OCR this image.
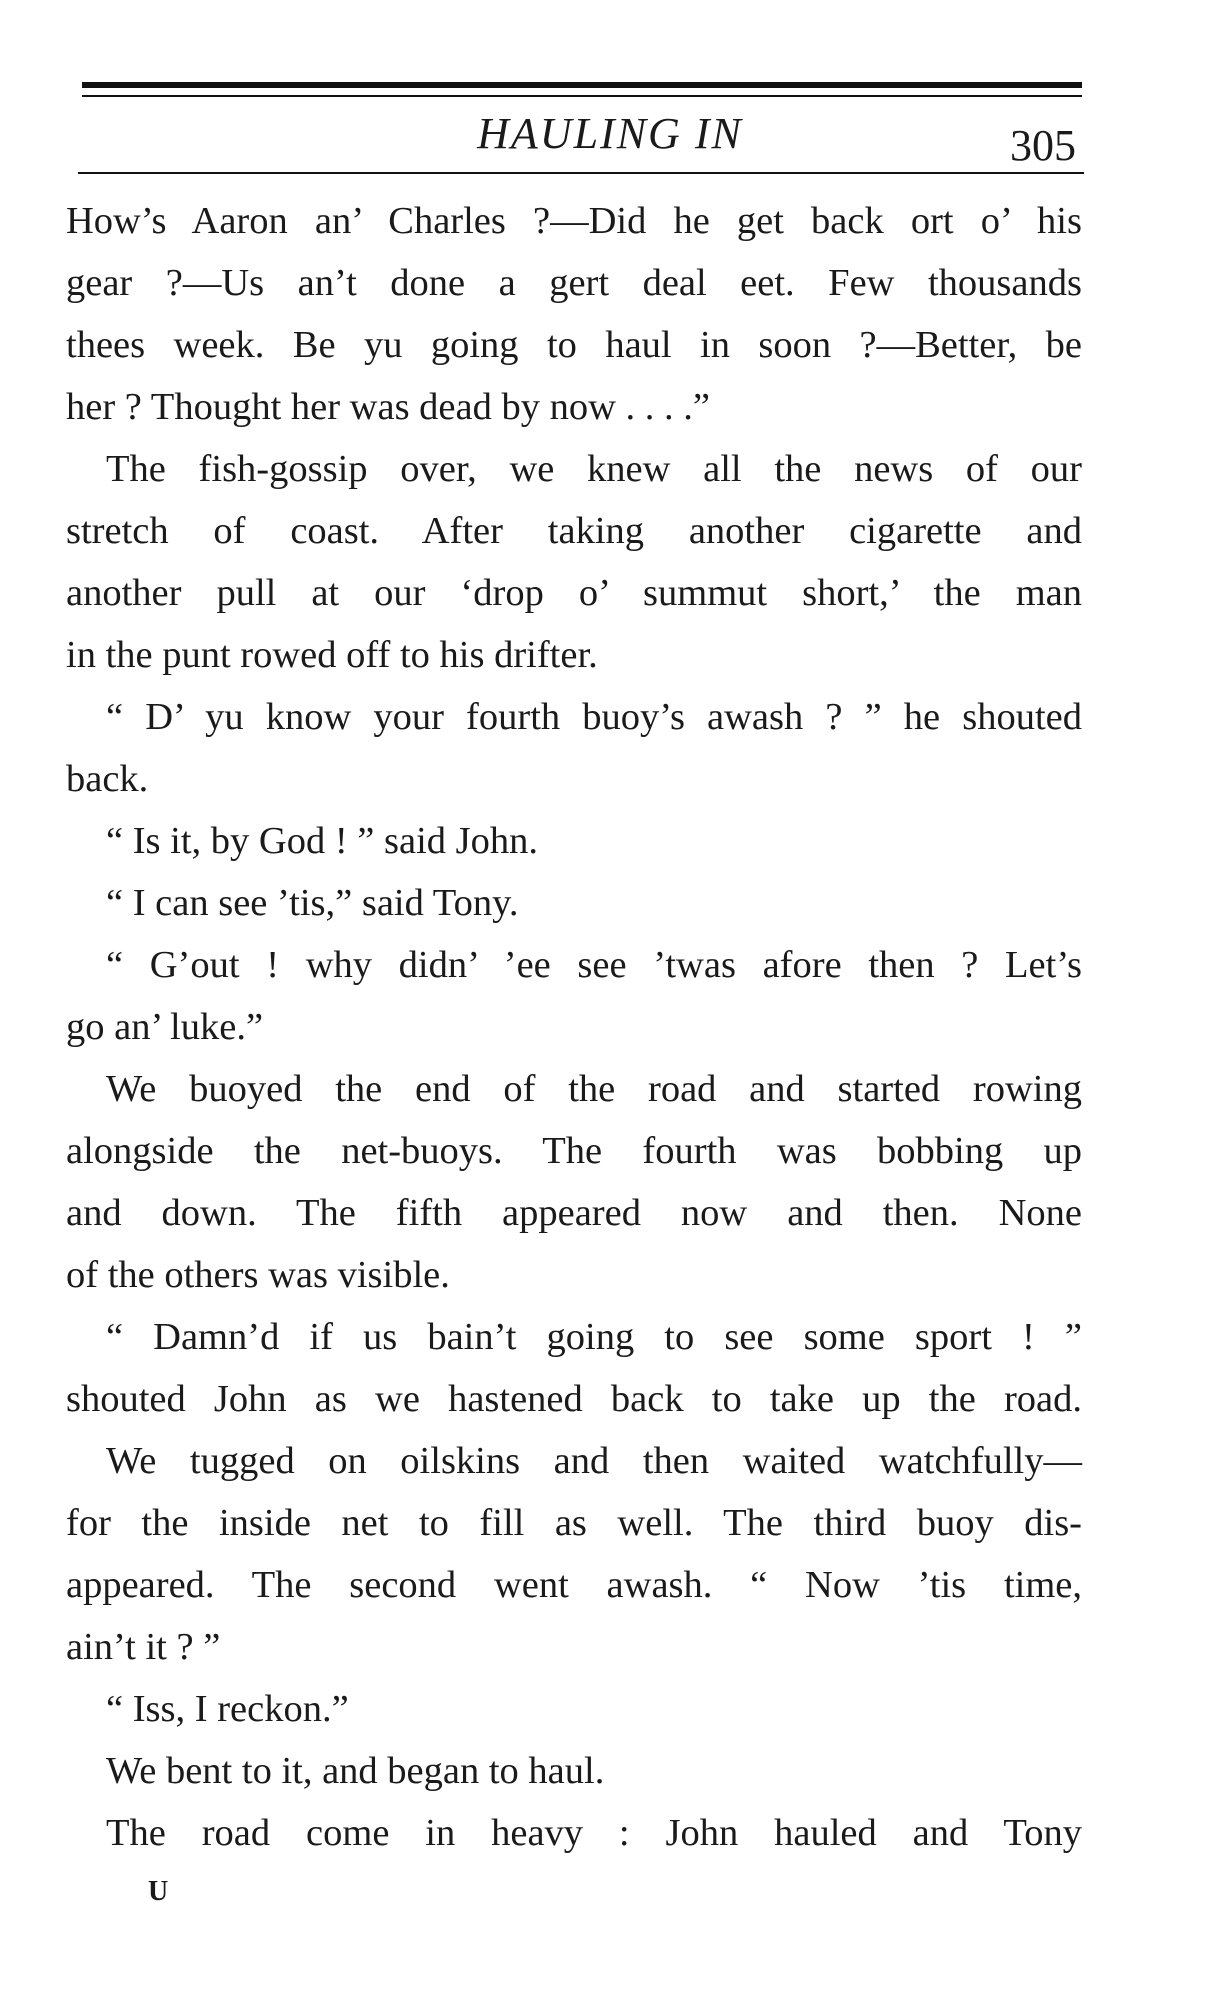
HAULING IN	305
How’s Aaron an’ Charles ?—Did he get back ort o’ his
gear ?—Us an’t done a gert deal eet. Few thousands
thees week. Be yu going to haul in soon ?—Better, be
her ? Thought her was dead by now . . . .”
The fish-gossip over, we knew all the news of our
stretch of coast. After taking another cigarette and
another pull at our ‘drop o’ summut short,’ the man
in the punt rowed off to his drifter.
“ D’ yu know your fourth buoy’s awash ? ” he shouted
back.
“ Is it, by God ! ” said John.
“ I can see ’tis,” said Tony.
“ G’out ! why didn’ ’ee see ’twas afore then ? Let’s
go an’ luke.”
We buoyed the end of the road and started rowing
alongside the net-buoys. The fourth was bobbing up
and down. The fifth appeared now and then. None
of the others was visible.
“ Damn’d if us bain’t going to see some sport ! ”
shouted John as we hastened back to take up the road.
We tugged on oilskins and then waited watchfully—
for the inside net to fill as well. The third buoy dis-
appeared. The second went awash. “ Now ’tis time,
ain’t it ? ”
“ Iss, I reckon.”
We bent to it, and began to haul.
The road come in heavy : John hauled and Tony
U
